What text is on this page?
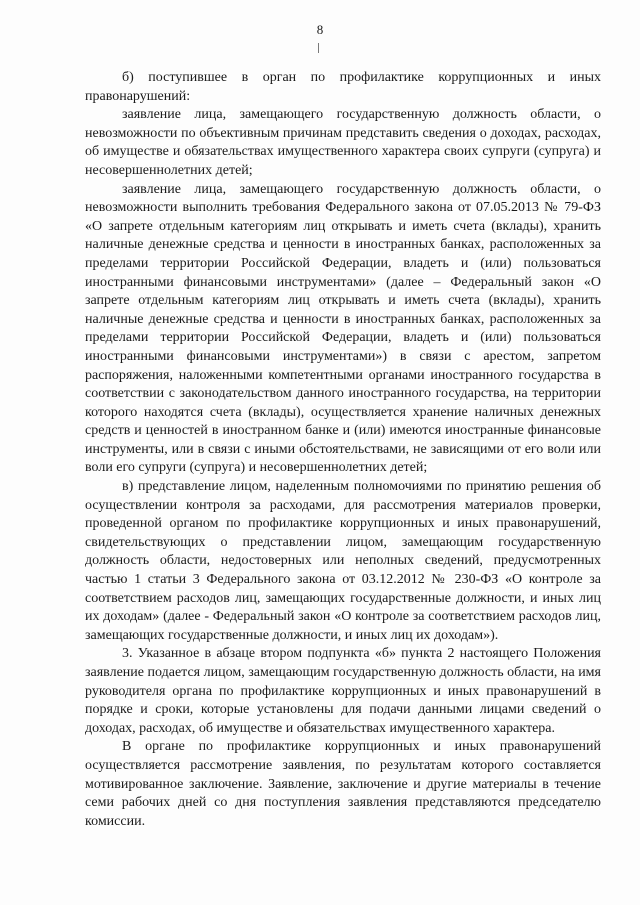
8

б) поступившее в орган по профилактике коррупционных и иных правонарушений:

заявление лица, замещающего государственную должность области, о невозможности по объективным причинам представить сведения о доходах, расходах, об имуществе и обязательствах имущественного характера своих супруги (супруга) и несовершеннолетних детей;

заявление лица, замещающего государственную должность области, о невозможности выполнить требования Федерального закона от 07.05.2013 № 79-ФЗ «О запрете отдельным категориям лиц открывать и иметь счета (вклады), хранить наличные денежные средства и ценности в иностранных банках, расположенных за пределами территории Российской Федерации, владеть и (или) пользоваться иностранными финансовыми инструментами» (далее – Федеральный закон «О запрете отдельным категориям лиц открывать и иметь счета (вклады), хранить наличные денежные средства и ценности в иностранных банках, расположенных за пределами территории Российской Федерации, владеть и (или) пользоваться иностранными финансовыми инструментами») в связи с арестом, запретом распоряжения, наложенными компетентными органами иностранного государства в соответствии с законодательством данного иностранного государства, на территории которого находятся счета (вклады), осуществляется хранение наличных денежных средств и ценностей в иностранном банке и (или) имеются иностранные финансовые инструменты, или в связи с иными обстоятельствами, не зависящими от его воли или воли его супруги (супруга) и несовершеннолетних детей;

в) представление лицом, наделенным полномочиями по принятию решения об осуществлении контроля за расходами, для рассмотрения материалов проверки, проведенной органом по профилактике коррупционных и иных правонарушений, свидетельствующих о представлении лицом, замещающим государственную должность области, недостоверных или неполных сведений, предусмотренных частью 1 статьи 3 Федерального закона от 03.12.2012 № 230-ФЗ «О контроле за соответствием расходов лиц, замещающих государственные должности, и иных лиц их доходам» (далее - Федеральный закон «О контроле за соответствием расходов лиц, замещающих государственные должности, и иных лиц их доходам»).

3. Указанное в абзаце втором подпункта «б» пункта 2 настоящего Положения заявление подается лицом, замещающим государственную должность области, на имя руководителя органа по профилактике коррупционных и иных правонарушений в порядке и сроки, которые установлены для подачи данными лицами сведений о доходах, расходах, об имуществе и обязательствах имущественного характера.

В органе по профилактике коррупционных и иных правонарушений осуществляется рассмотрение заявления, по результатам которого составляется мотивированное заключение. Заявление, заключение и другие материалы в течение семи рабочих дней со дня поступления заявления представляются председателю комиссии.
